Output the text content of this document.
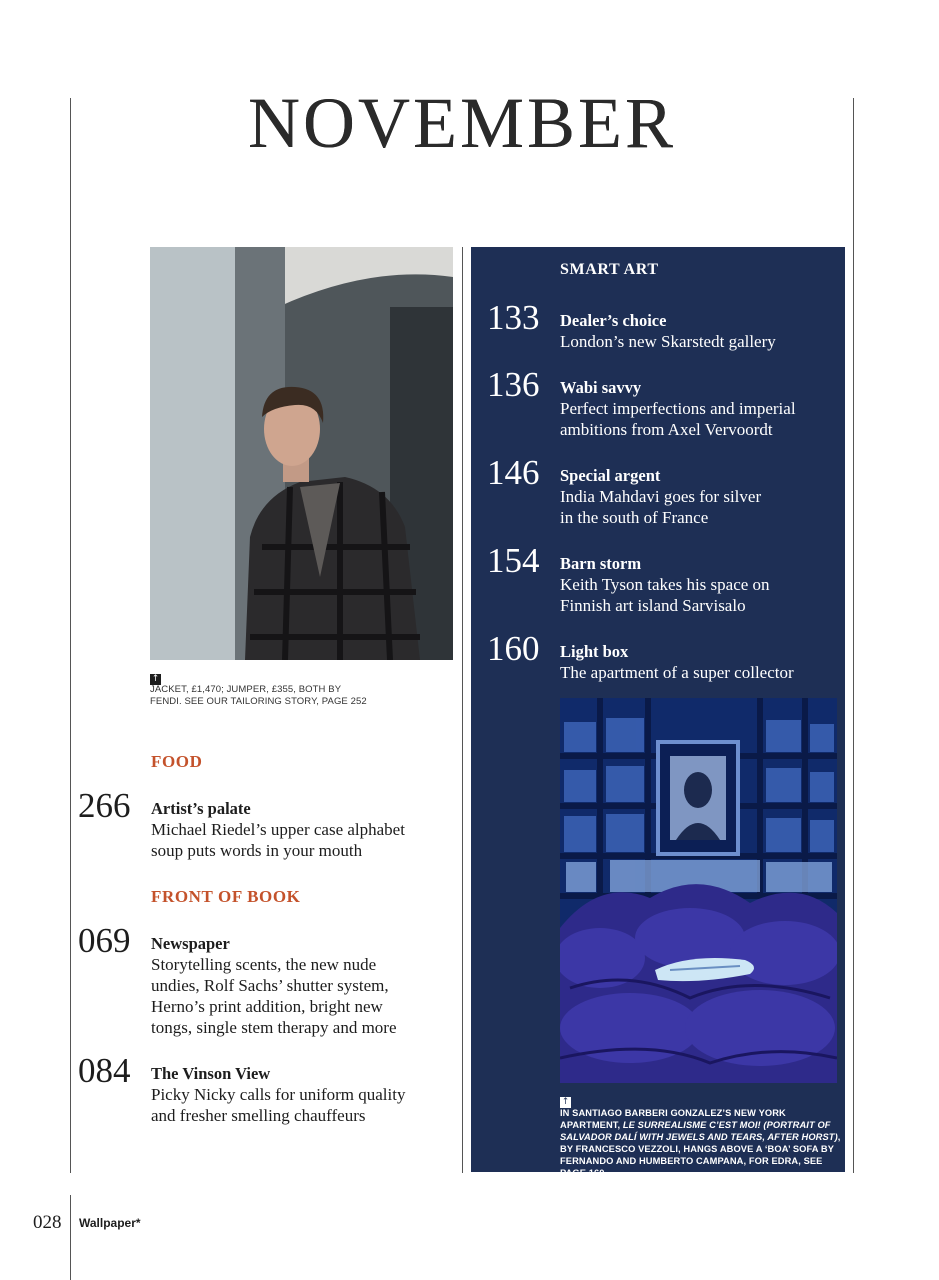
NOVEMBER
↑
JACKET, £1,470; JUMPER, £355, BOTH BY
FENDI. SEE OUR TAILORING STORY, PAGE 252
FOOD
266 Artist’s palate
Michael Riedel’s upper case alphabet
soup puts words in your mouth
FRONT OF BOOK
069 Newspaper
Storytelling scents, the new nude
undies, Rolf Sachs’ shutter system,
Herno’s print addition, bright new
tongs, single stem therapy and more
084 The Vinson View
Picky Nicky calls for uniform quality
and fresher smelling chauffeurs
SMART ART
133 Dealer’s choice
London’s new Skarstedt gallery
136 Wabi savvy
Perfect imperfections and imperial
ambitions from Axel Vervoordt
146 Special argent
India Mahdavi goes for silver
in the south of France
154 Barn storm
Keith Tyson takes his space on
Finnish art island Sarvisalo
160 Light box
The apartment of a super collector
↑
IN SANTIAGO BARBERI GONZALEZ’S NEW YORK APARTMENT, LE SURREALISME C’EST MOI! (PORTRAIT OF SALVADOR DALÍ WITH JEWELS AND TEARS, AFTER HORST), BY FRANCESCO VEZZOLI, HANGS ABOVE A ‘BOA’ SOFA BY FERNANDO AND HUMBERTO CAMPANA, FOR EDRA, SEE PAGE 160
028 Wallpaper*
